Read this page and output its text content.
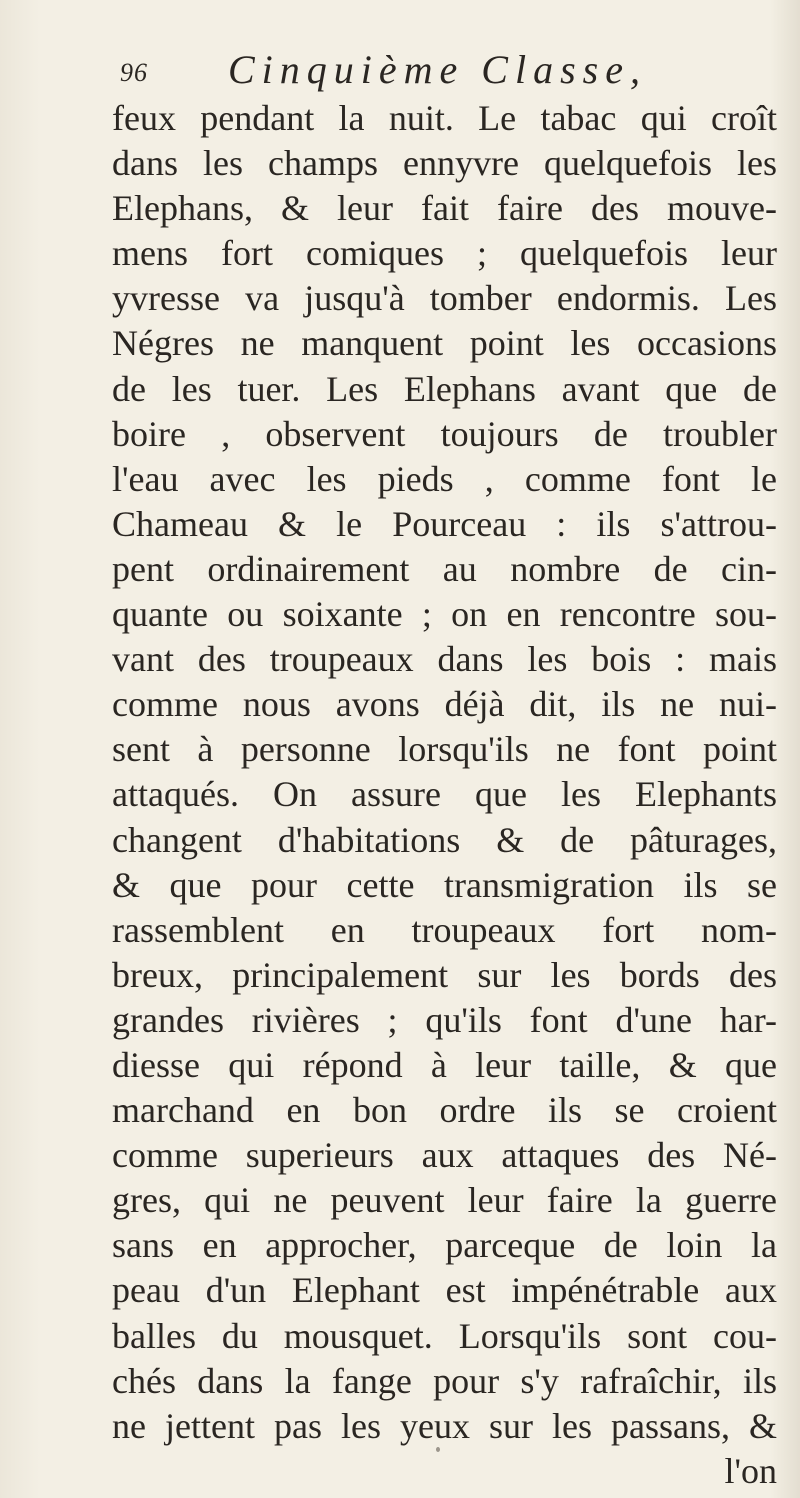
96 Cinquième Classe,
feux pendant la nuit. Le tabac qui croît
dans les champs ennyvre quelquefois les
Elephans, & leur fait faire des mouve-
mens fort comiques ; quelquefois leur
yvresse va jusqu'à tomber endormis. Les
Négres ne manquent point les occasions
de les tuer. Les Elephans avant que de
boire , observent toujours de troubler
l'eau avec les pieds , comme font le
Chameau & le Pourceau : ils s'attrou-
pent ordinairement au nombre de cin-
quante ou soixante ; on en rencontre sou-
vant des troupeaux dans les bois : mais
comme nous avons déjà dit, ils ne nui-
sent à personne lorsqu'ils ne font point
attaqués. On assure que les Elephants
changent d'habitations & de pâturages,
& que pour cette transmigration ils se
rassemblent en troupeaux fort nom-
breux, principalement sur les bords des
grandes rivières ; qu'ils font d'une har-
diesse qui répond à leur taille, & que
marchand en bon ordre ils se croient
comme superieurs aux attaques des Né-
gres, qui ne peuvent leur faire la guerre
sans en approcher, parceque de loin la
peau d'un Elephant est impénétrable aux
balles du mousquet. Lorsqu'ils sont cou-
chés dans la fange pour s'y rafraîchir, ils
ne jettent pas les yeux sur les passans, &
l'on
